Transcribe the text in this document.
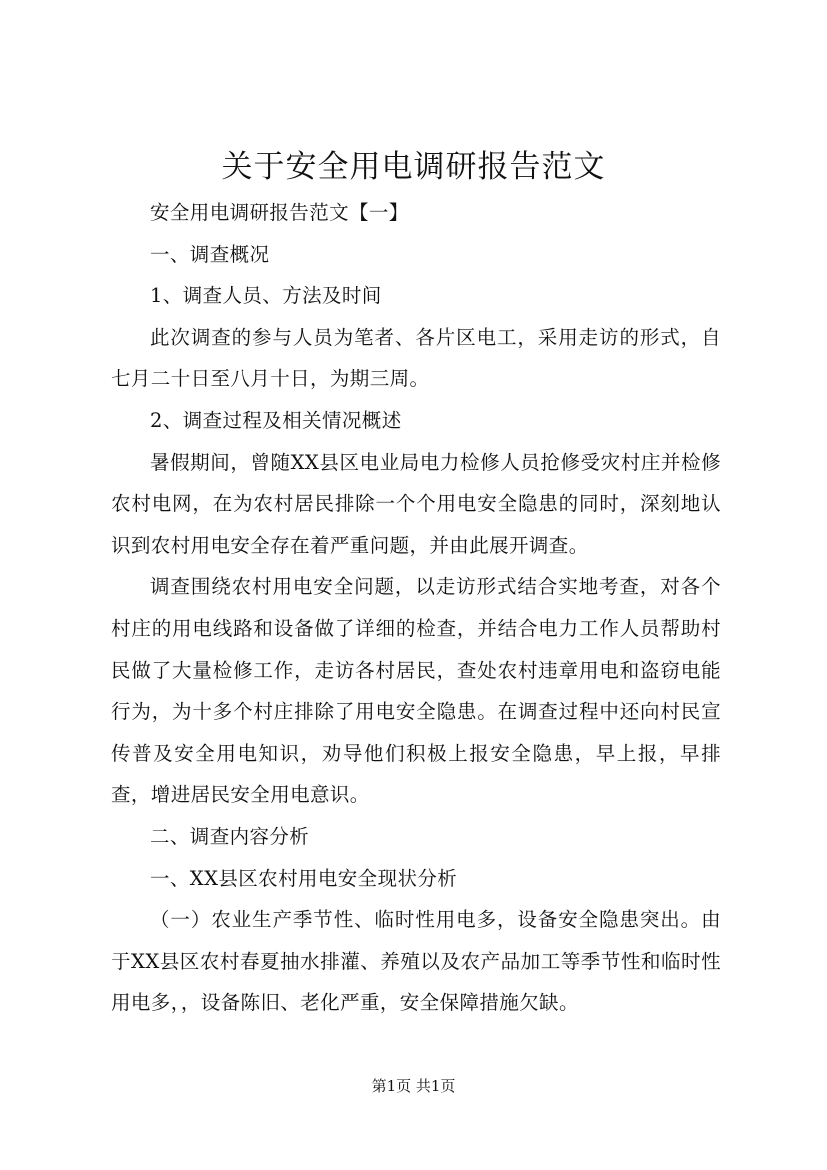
关于安全用电调研报告范文

安全用电调研报告范文【一】

一、调查概况

1、调查人员、方法及时间

此次调查的参与人员为笔者、各片区电工，采用走访的形式，自七月二十日至八月十日，为期三周。

2、调查过程及相关情况概述

暑假期间，曾随XX县区电业局电力检修人员抢修受灾村庄并检修农村电网，在为农村居民排除一个个用电安全隐患的同时，深刻地认识到农村用电安全存在着严重问题，并由此展开调查。

调查围绕农村用电安全问题，以走访形式结合实地考查，对各个村庄的用电线路和设备做了详细的检查，并结合电力工作人员帮助村民做了大量检修工作，走访各村居民，查处农村违章用电和盗窃电能行为，为十多个村庄排除了用电安全隐患。在调查过程中还向村民宣传普及安全用电知识，劝导他们积极上报安全隐患，早上报，早排查，增进居民安全用电意识。

二、调查内容分析

一、XX县区农村用电安全现状分析

（一）农业生产季节性、临时性用电多，设备安全隐患突出。由于XX县区农村春夏抽水排灌、养殖以及农产品加工等季节性和临时性用电多，，设备陈旧、老化严重，安全保障措施欠缺。

第1页 共1页
